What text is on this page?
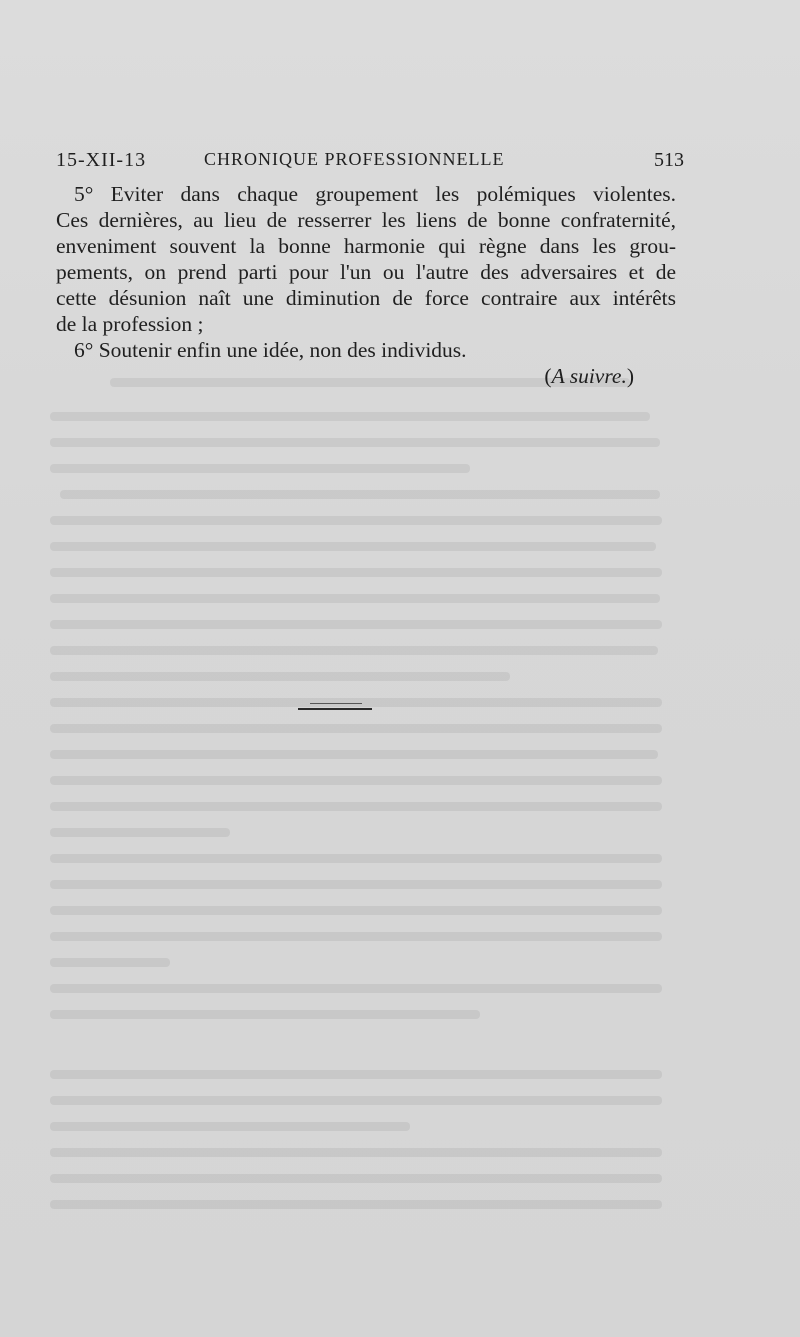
15-XII-13	CHRONIQUE PROFESSIONNELLE	513
5° Eviter dans chaque groupement les polémiques violentes.
Ces dernières, au lieu de resserrer les liens de bonne confraternité,
enveniment souvent la bonne harmonie qui règne dans les grou-
pements, on prend parti pour l'un ou l'autre des adversaires et de
cette désunion naît une diminution de force contraire aux intérêts
de la profession ;
6° Soutenir enfin une idée, non des individus.
(A suivre.)
